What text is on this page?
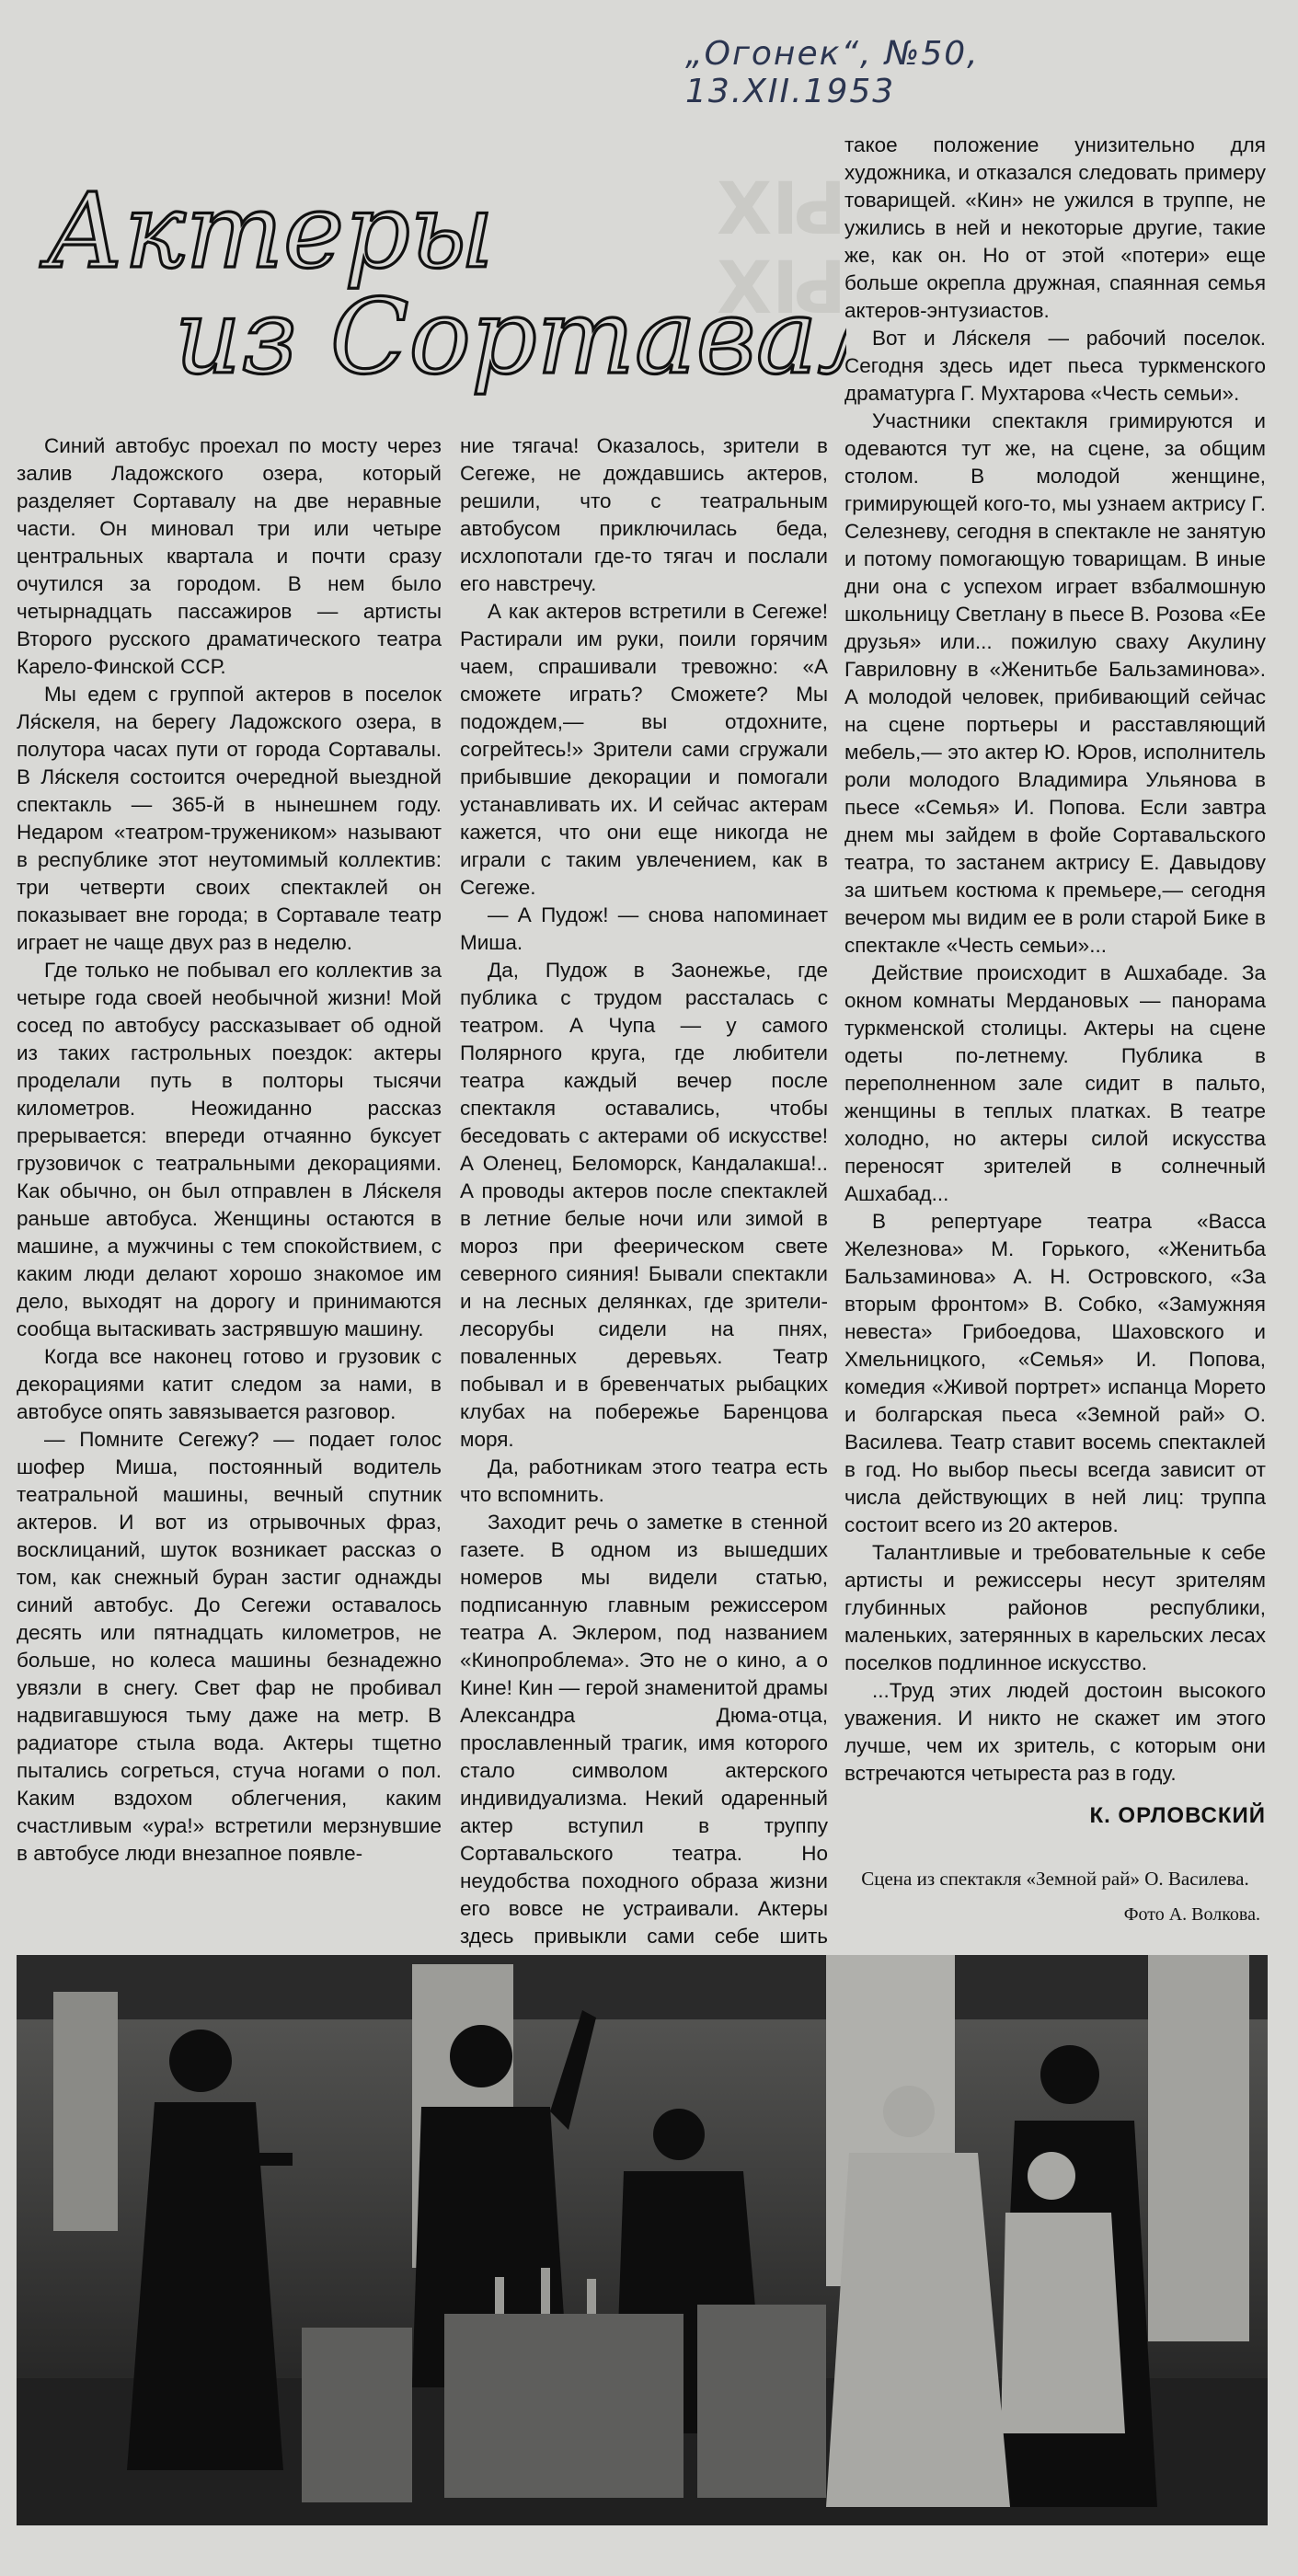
„Огонек“, №50, 13.XII.1953
ЫХ
ЫХ
Актеры
из Сортава

Синий автобус проехал по мосту через залив Ладожского озера, который разделяет Сортавалу на две неравные части. Он миновал три или четыре центральных квартала и почти сразу очутился за городом. В нем было четырнадцать пассажиров — артисты Второго русского драматического театра Карело-Финской ССР.

Мы едем с группой актеров в поселок Ля́скеля, на берегу Ладожского озера, в полутора часах пути от города Сортавалы. В Ля́скеля состоится очередной выездной спектакль — 365-й в нынешнем году. Недаром «театром-тружеником» называют в республике этот неутомимый коллектив: три четверти своих спектаклей он показывает вне города; в Сортавале театр играет не чаще двух раз в неделю.

Где только не побывал его коллектив за четыре года своей необычной жизни! Мой сосед по автобусу рассказывает об одной из таких гастрольных поездок: актеры проделали путь в полторы тысячи километров. Неожиданно рассказ прерывается: впереди отчаянно буксует грузовичок с театральными декорациями. Как обычно, он был отправлен в Ля́скеля раньше автобуса. Женщины остаются в машине, а мужчины с тем спокойствием, с каким люди делают хорошо знакомое им дело, выходят на дорогу и принимаются сообща вытаскивать застрявшую машину.

Когда все наконец готово и грузовик с декорациями катит следом за нами, в автобусе опять завязывается разговор.

— Помните Сегежу? — подает голос шофер Миша, постоянный водитель театральной машины, вечный спутник актеров. И вот из отрывочных фраз, восклицаний, шуток возникает рассказ о том, как снежный буран застиг однажды синий автобус. До Сегежи оставалось десять или пятнадцать километров, не больше, но колеса машины безнадежно увязли в снегу. Свет фар не пробивал надвигавшуюся тьму даже на метр. В радиаторе стыла вода. Актеры тщетно пытались согреться, стуча ногами о пол. Каким вздохом облегчения, каким счастливым «ура!» встретили мерзнувшие в автобусе люди внезапное появле-

ние тягача! Оказалось, зрители в Сегеже, не дождавшись актеров, решили, что с театральным автобусом приключилась беда, исхлопотали где-то тягач и послали его навстречу.

А как актеров встретили в Сегеже! Растирали им руки, поили горячим чаем, спрашивали тревожно: «А сможете играть? Сможете? Мы подождем,— вы отдохните, согрейтесь!» Зрители сами сгружали прибывшие декорации и помогали устанавливать их. И сейчас актерам кажется, что они еще никогда не играли с таким увлечением, как в Сегеже.

— А Пудож! — снова напоминает Миша.

Да, Пудож в Заонежье, где публика с трудом рассталась с театром. А Чупа — у самого Полярного круга, где любители театра каждый вечер после спектакля оставались, чтобы беседовать с актерами об искусстве! А Оленец, Беломорск, Кандалакша!.. А проводы актеров после спектаклей в летние белые ночи или зимой в мороз при феерическом свете северного сияния! Бывали спектакли и на лесных делянках, где зрители-лесорубы сидели на пнях, поваленных деревьях. Театр побывал и в бревенчатых рыбацких клубах на побережье Баренцова моря.

Да, работникам этого театра есть что вспомнить.

Заходит речь о заметке в стенной газете. В одном из вышедших номеров мы видели статью, подписанную главным режиссером театра А. Эклером, под названием «Кинопроблема». Это не о кино, а о Кине! Кин — герой знаменитой драмы Александра Дюма-отца, прославленный трагик, имя которого стало символом актерского индивидуализма. Некий одаренный актер вступил в труппу Сортавальского театра. Но неудобства походного образа жизни его вовсе не устраивали. Актеры здесь привыкли сами себе шить

такое положение унизительно для художника, и отказался следовать примеру товарищей. «Кин» не ужился в труппе, не ужились в ней и некоторые другие, такие же, как он. Но от этой «потери» еще больше окрепла дружная, спаянная семья актеров-энтузиастов.

Вот и Ля́скеля — рабочий поселок. Сегодня здесь идет пьеса туркменского драматурга Г. Мухтарова «Честь семьи».

Участники спектакля гримируются и одеваются тут же, на сцене, за общим столом. В молодой женщине, гримирующей кого-то, мы узнаем актрису Г. Селезневу, сегодня в спектакле не занятую и потому помогающую товарищам. В иные дни она с успехом играет взбалмошную школьницу Светлану в пьесе В. Розова «Ее друзья» или... пожилую сваху Акулину Гавриловну в «Женитьбе Бальзаминова». А молодой человек, прибивающий сейчас на сцене портьеры и расставляющий мебель,— это актер Ю. Юров, исполнитель роли молодого Владимира Ульянова в пьесе «Семья» И. Попова. Если завтра днем мы зайдем в фойе Сортавальского театра, то застанем актрису Е. Давыдову за шитьем костюма к премьере,— сегодня вечером мы видим ее в роли старой Бике в спектакле «Честь семьи»...

Действие происходит в Ашхабаде. За окном комнаты Мердановых — панорама туркменской столицы. Актеры на сцене одеты по-летнему. Публика в переполненном зале сидит в пальто, женщины в теплых платках. В театре холодно, но актеры силой искусства переносят зрителей в солнечный Ашхабад...

В репертуаре театра «Васса Железнова» М. Горького, «Женитьба Бальзаминова» А. Н. Островского, «За вторым фронтом» В. Собко, «Замужняя невеста» Грибоедова, Шаховского и Хмельницкого, «Семья» И. Попова, комедия «Живой портрет» испанца Морето и болгарская пьеса «Земной рай» О. Василева. Театр ставит восемь спектаклей в год. Но выбор пьесы всегда зависит от числа действующих в ней лиц: труппа состоит всего из 20 актеров.

Талантливые и требовательные к себе артисты и режиссеры несут зрителям глубинных районов республики, маленьких, затерянных в карельских лесах поселков подлинное искусство.

...Труд этих людей достоин высокого уважения. И никто не скажет им этого лучше, чем их зритель, с которым они встречаются четыреста раз в году.

К. ОРЛОВСКИЙ
Сцена из спектакля «Земной рай» О. Василева.
Фото А. Волкова.
